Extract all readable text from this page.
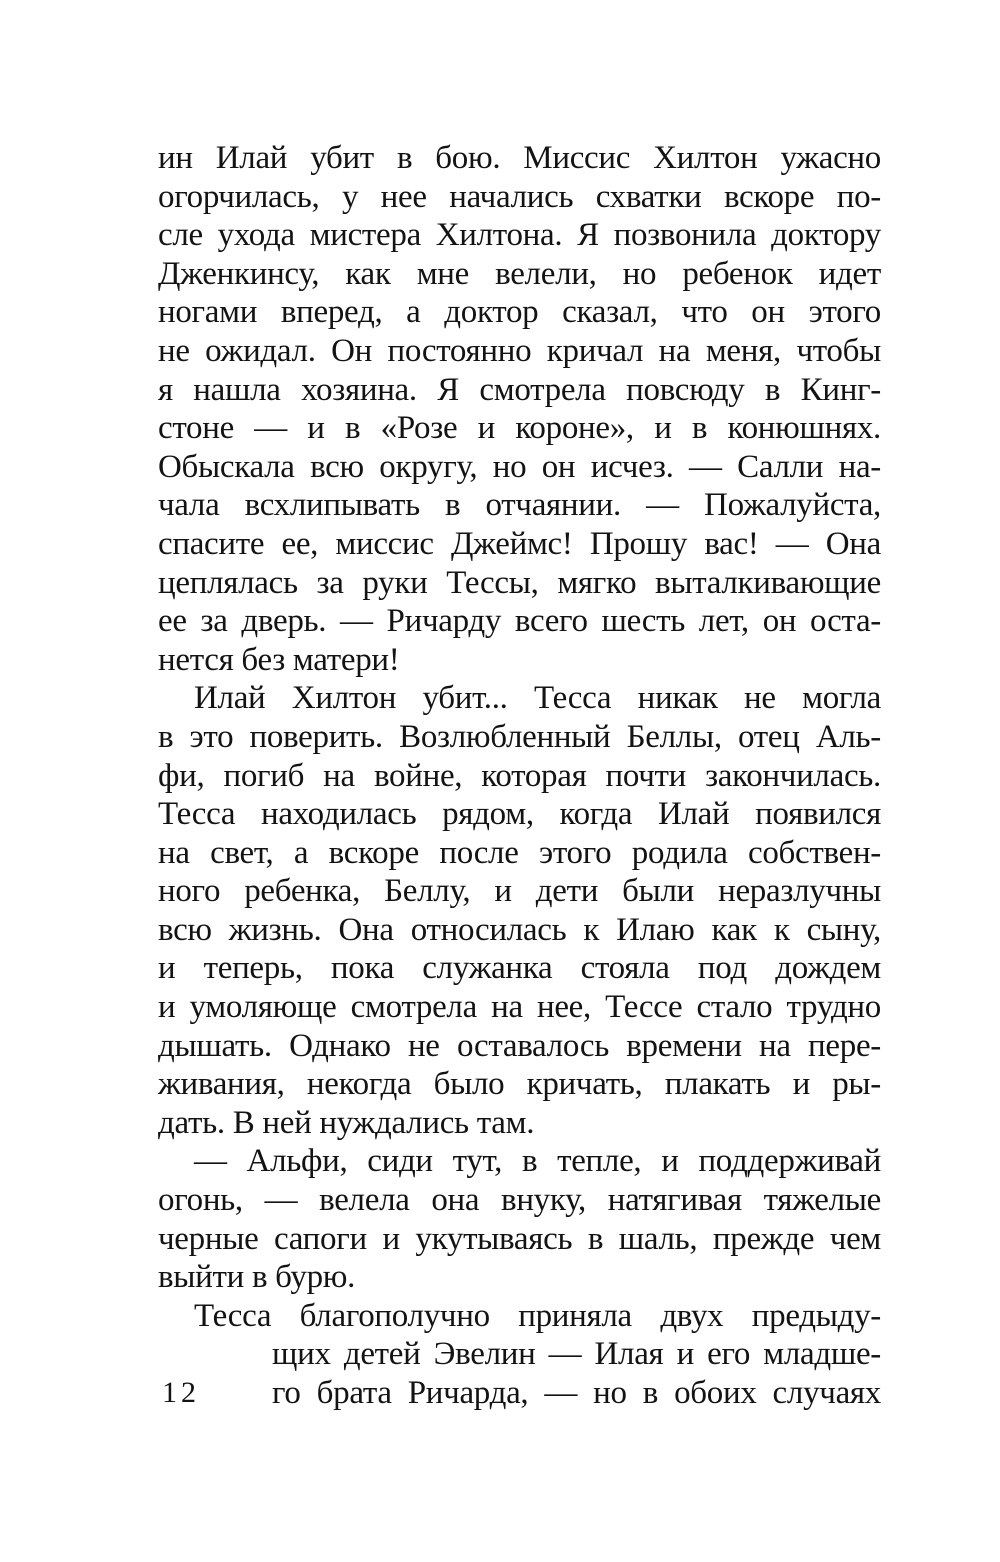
ин Илай убит в бою. Миссис Хилтон ужасно
огорчилась, у нее начались схватки вскоре по-
сле ухода мистера Хилтона. Я позвонила доктору
Дженкинсу, как мне велели, но ребенок идет
ногами вперед, а доктор сказал, что он этого
не ожидал. Он постоянно кричал на меня, чтобы
я нашла хозяина. Я смотрела повсюду в Кинг-
стоне — и в «Розе и короне», и в конюшнях.
Обыскала всю округу, но он исчез. — Салли на-
чала всхлипывать в отчаянии. — Пожалуйста,
спасите ее, миссис Джеймс! Прошу вас! — Она
цеплялась за руки Тессы, мягко выталкивающие
ее за дверь. — Ричарду всего шесть лет, он оста-
нется без матери!
Илай Хилтон убит... Тесса никак не могла
в это поверить. Возлюбленный Беллы, отец Аль-
фи, погиб на войне, которая почти закончилась.
Тесса находилась рядом, когда Илай появился
на свет, а вскоре после этого родила собствен-
ного ребенка, Беллу, и дети были неразлучны
всю жизнь. Она относилась к Илаю как к сыну,
и теперь, пока служанка стояла под дождем
и умоляюще смотрела на нее, Тессе стало трудно
дышать. Однако не оставалось времени на пере-
живания, некогда было кричать, плакать и ры-
дать. В ней нуждались там.
— Альфи, сиди тут, в тепле, и поддерживай
огонь, — велела она внуку, натягивая тяжелые
черные сапоги и укутываясь в шаль, прежде чем
выйти в бурю.
Тесса благополучно приняла двух предыду-
щих детей Эвелин — Илая и его младше-
го брата Ричарда, — но в обоих случаях
12
